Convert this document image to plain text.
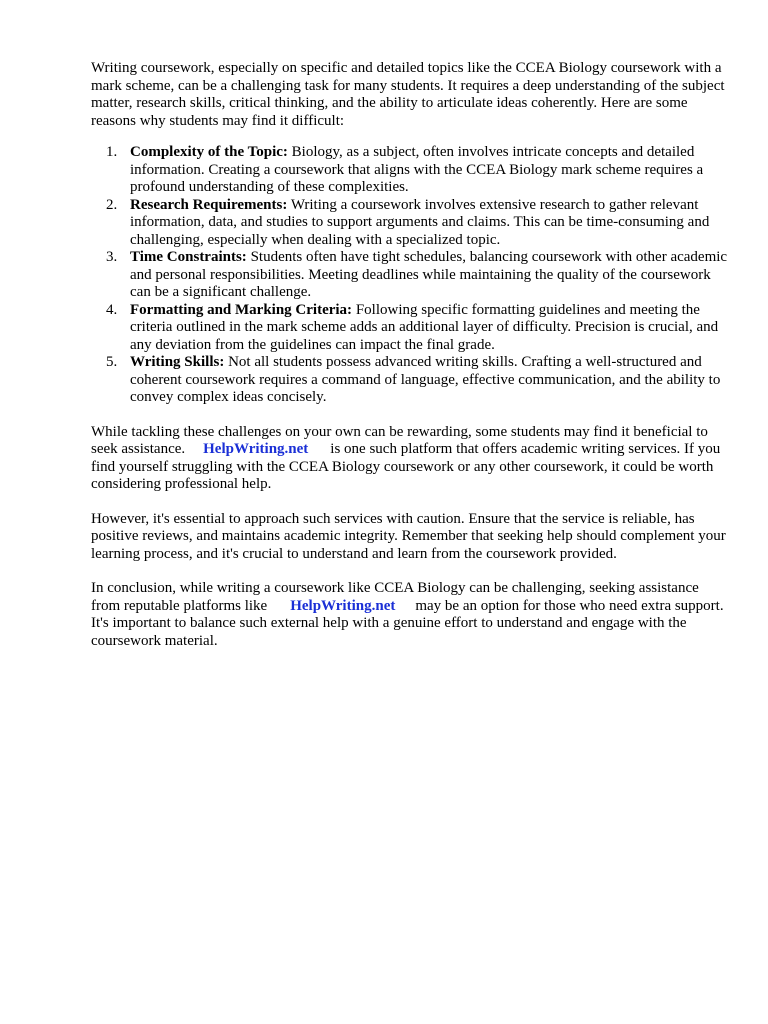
Writing coursework, especially on specific and detailed topics like the CCEA Biology coursework with a mark scheme, can be a challenging task for many students. It requires a deep understanding of the subject matter, research skills, critical thinking, and the ability to articulate ideas coherently. Here are some reasons why students may find it difficult:

1. Complexity of the Topic: Biology, as a subject, often involves intricate concepts and detailed information. Creating a coursework that aligns with the CCEA Biology mark scheme requires a profound understanding of these complexities.
2. Research Requirements: Writing a coursework involves extensive research to gather relevant information, data, and studies to support arguments and claims. This can be time-consuming and challenging, especially when dealing with a specialized topic.
3. Time Constraints: Students often have tight schedules, balancing coursework with other academic and personal responsibilities. Meeting deadlines while maintaining the quality of the coursework can be a significant challenge.
4. Formatting and Marking Criteria: Following specific formatting guidelines and meeting the criteria outlined in the mark scheme adds an additional layer of difficulty. Precision is crucial, and any deviation from the guidelines can impact the final grade.
5. Writing Skills: Not all students possess advanced writing skills. Crafting a well-structured and coherent coursework requires a command of language, effective communication, and the ability to convey complex ideas concisely.

While tackling these challenges on your own can be rewarding, some students may find it beneficial to seek assistance. HelpWriting.net is one such platform that offers academic writing services. If you find yourself struggling with the CCEA Biology coursework or any other coursework, it could be worth considering professional help.

However, it's essential to approach such services with caution. Ensure that the service is reliable, has positive reviews, and maintains academic integrity. Remember that seeking help should complement your learning process, and it's crucial to understand and learn from the coursework provided.

In conclusion, while writing a coursework like CCEA Biology can be challenging, seeking assistance from reputable platforms like HelpWriting.net may be an option for those who need extra support. It's important to balance such external help with a genuine effort to understand and engage with the coursework material.
